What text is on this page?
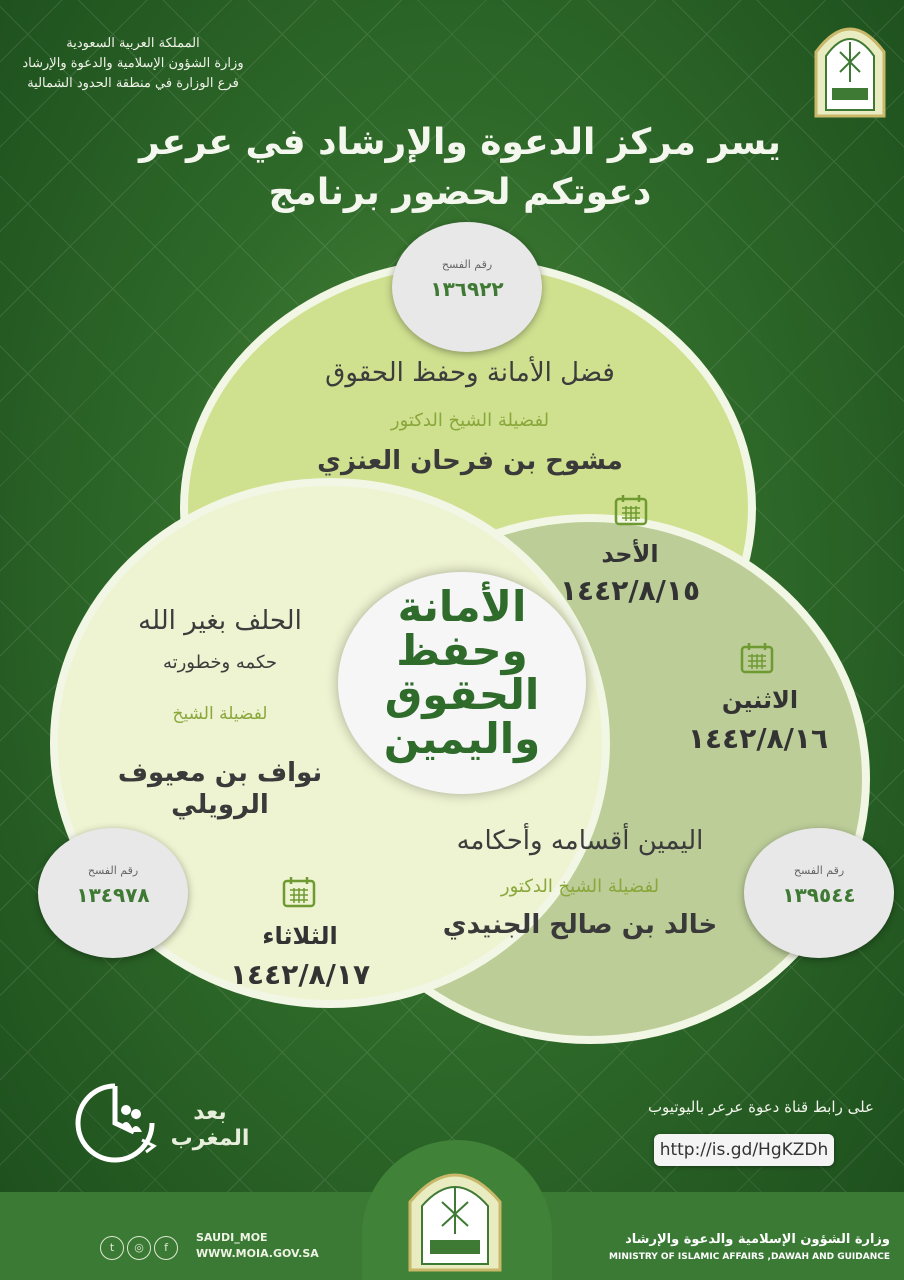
المملكة العربية السعودية
وزارة الشؤون الإسلامية والدعوة والإرشاد
فرع الوزارة في منطقة الحدود الشمالية
يسر مركز الدعوة والإرشاد في عرعر
دعوتكم لحضور برنامج
فضل الأمانة وحفظ الحقوق
لفضيلة الشيخ الدكتور
مشوح بن فرحان العنزي
الأحد
١٤٤٢/٨/١٥
الاثنين
١٤٤٢/٨/١٦
اليمين أقسامه وأحكامه
لفضيلة الشيخ الدكتور
خالد بن صالح الجنيدي
الحلف بغير الله
حكمه وخطورته
لفضيلة الشيخ
نواف بن معيوف
الرويلي
الثلاثاء
١٤٤٢/٨/١٧
رقم الفسح
١٣٦٩٢٢
رقم الفسح
١٣٤٩٧٨
رقم الفسح
١٣٩٥٤٤
الأمانة
وحفظ
الحقوق
واليمين
بعد
المغرب
على رابط قناة دعوة عرعر باليوتيوب
http://is.gd/HgKZDh
t ◎ f
SAUDI_MOE
WWW.MOIA.GOV.SA
وزارة الشؤون الإسلامية والدعوة والإرشاد
MINISTRY OF ISLAMIC AFFAIRS ,DAWAH AND GUIDANCE
